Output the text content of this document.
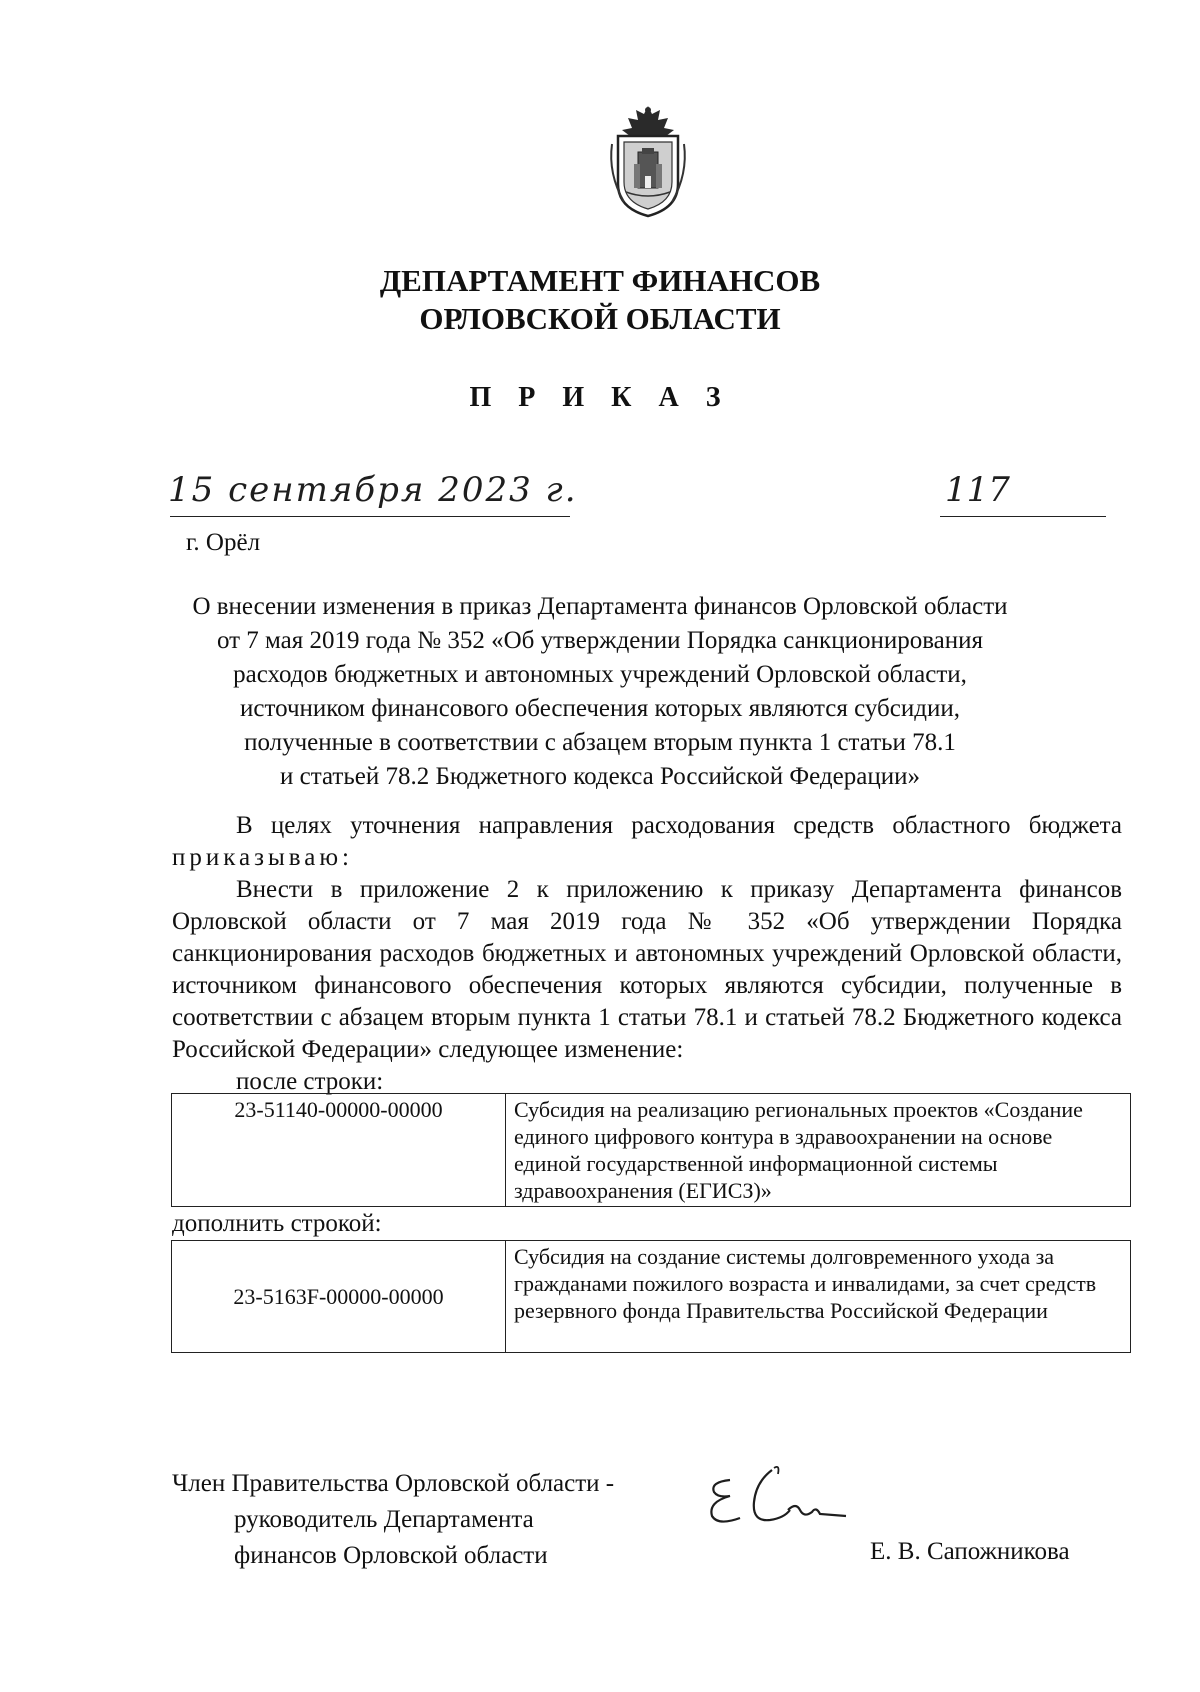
ДЕПАРТАМЕНТ ФИНАНСОВ
ОРЛОВСКОЙ ОБЛАСТИ
П Р И К А З
15 сентября 2023 г.	117
г. Орёл
О внесении изменения в приказ Департамента финансов Орловской области
от 7 мая 2019 года № 352 «Об утверждении Порядка санкционирования
расходов бюджетных и автономных учреждений Орловской области,
источником финансового обеспечения которых являются субсидии,
полученные в соответствии с абзацем вторым пункта 1 статьи 78.1
и статьей 78.2 Бюджетного кодекса Российской Федерации»
В целях уточнения направления расходования средств областного бюджета приказываю:
Внести в приложение 2 к приложению к приказу Департамента финансов Орловской области от 7 мая 2019 года № 352 «Об утверждении Порядка санкционирования расходов бюджетных и автономных учреждений Орловской области, источником финансового обеспечения которых являются субсидии, полученные в соответствии с абзацем вторым пункта 1 статьи 78.1 и статьей 78.2 Бюджетного кодекса Российской Федерации» следующее изменение:
после строки:
23-51140-00000-00000	Субсидия на реализацию региональных проектов «Создание единого цифрового контура в здравоохранении на основе единой государственной информационной системы здравоохранения (ЕГИСЗ)»
дополнить строкой:
23-5163F-00000-00000	Субсидия на создание системы долговременного ухода за гражданами пожилого возраста и инвалидами, за счет средств резервного фонда Правительства Российской Федерации
Член Правительства Орловской области -
руководитель Департамента
финансов Орловской области	Е. В. Сапожникова
